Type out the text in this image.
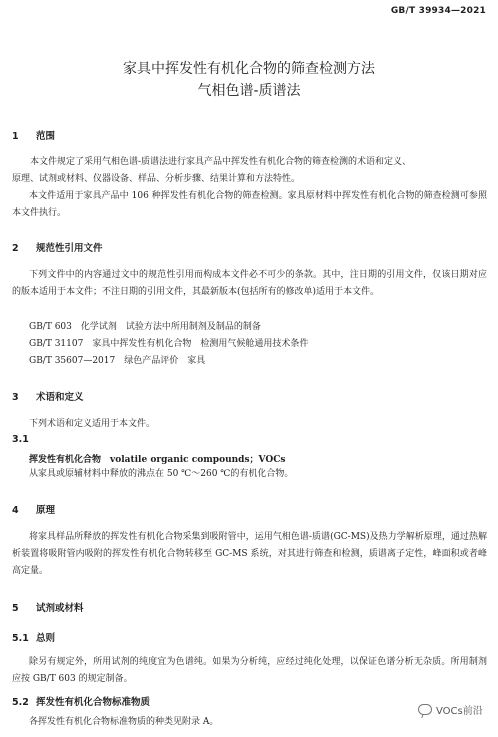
GB/T 39934—2021
家具中挥发性有机化合物的筛查检测方法
气相色谱-质谱法
1 范围
本文件规定了采用气相色谱-质谱法进行家具产品中挥发性有机化合物的筛查检测的术语和定义、
原理、试剂或材料、仪器设备、样品、分析步骤、结果计算和方法特性。
本文件适用于家具产品中 106 种挥发性有机化合物的筛查检测。家具原材料中挥发性有机化合物的筛查检测可参照本文件执行。
2 规范性引用文件
下列文件中的内容通过文中的规范性引用而构成本文件必不可少的条款。其中，注日期的引用文件，仅该日期对应的版本适用于本文件；不注日期的引用文件，其最新版本(包括所有的修改单)适用于本文件。
GB/T 603　化学试剂　试验方法中所用制剂及制品的制备
GB/T 31107　家具中挥发性有机化合物　检测用气候舱通用技术条件
GB/T 35607—2017　绿色产品评价　家具
3 术语和定义
下列术语和定义适用于本文件。
3.1
挥发性有机化合物　volatile organic compounds；VOCs
从家具或原辅材料中释放的沸点在 50 ℃～260 ℃的有机化合物。
4 原理
将家具样品所释放的挥发性有机化合物采集到吸附管中，运用气相色谱-质谱(GC-MS)及热力学解析原理，通过热解析装置将吸附管内吸附的挥发性有机化合物转移至 GC-MS 系统，对其进行筛查和检测，质谱离子定性，峰面积或者峰高定量。
5 试剂或材料
5.1 总则
除另有规定外，所用试剂的纯度宜为色谱纯。如果为分析纯，应经过纯化处理，以保证色谱分析无杂质。所用制剂应按 GB/T 603 的规定制备。
5.2 挥发性有机化合物标准物质
各挥发性有机化合物标准物质的种类见附录 A。
VOCs前沿
